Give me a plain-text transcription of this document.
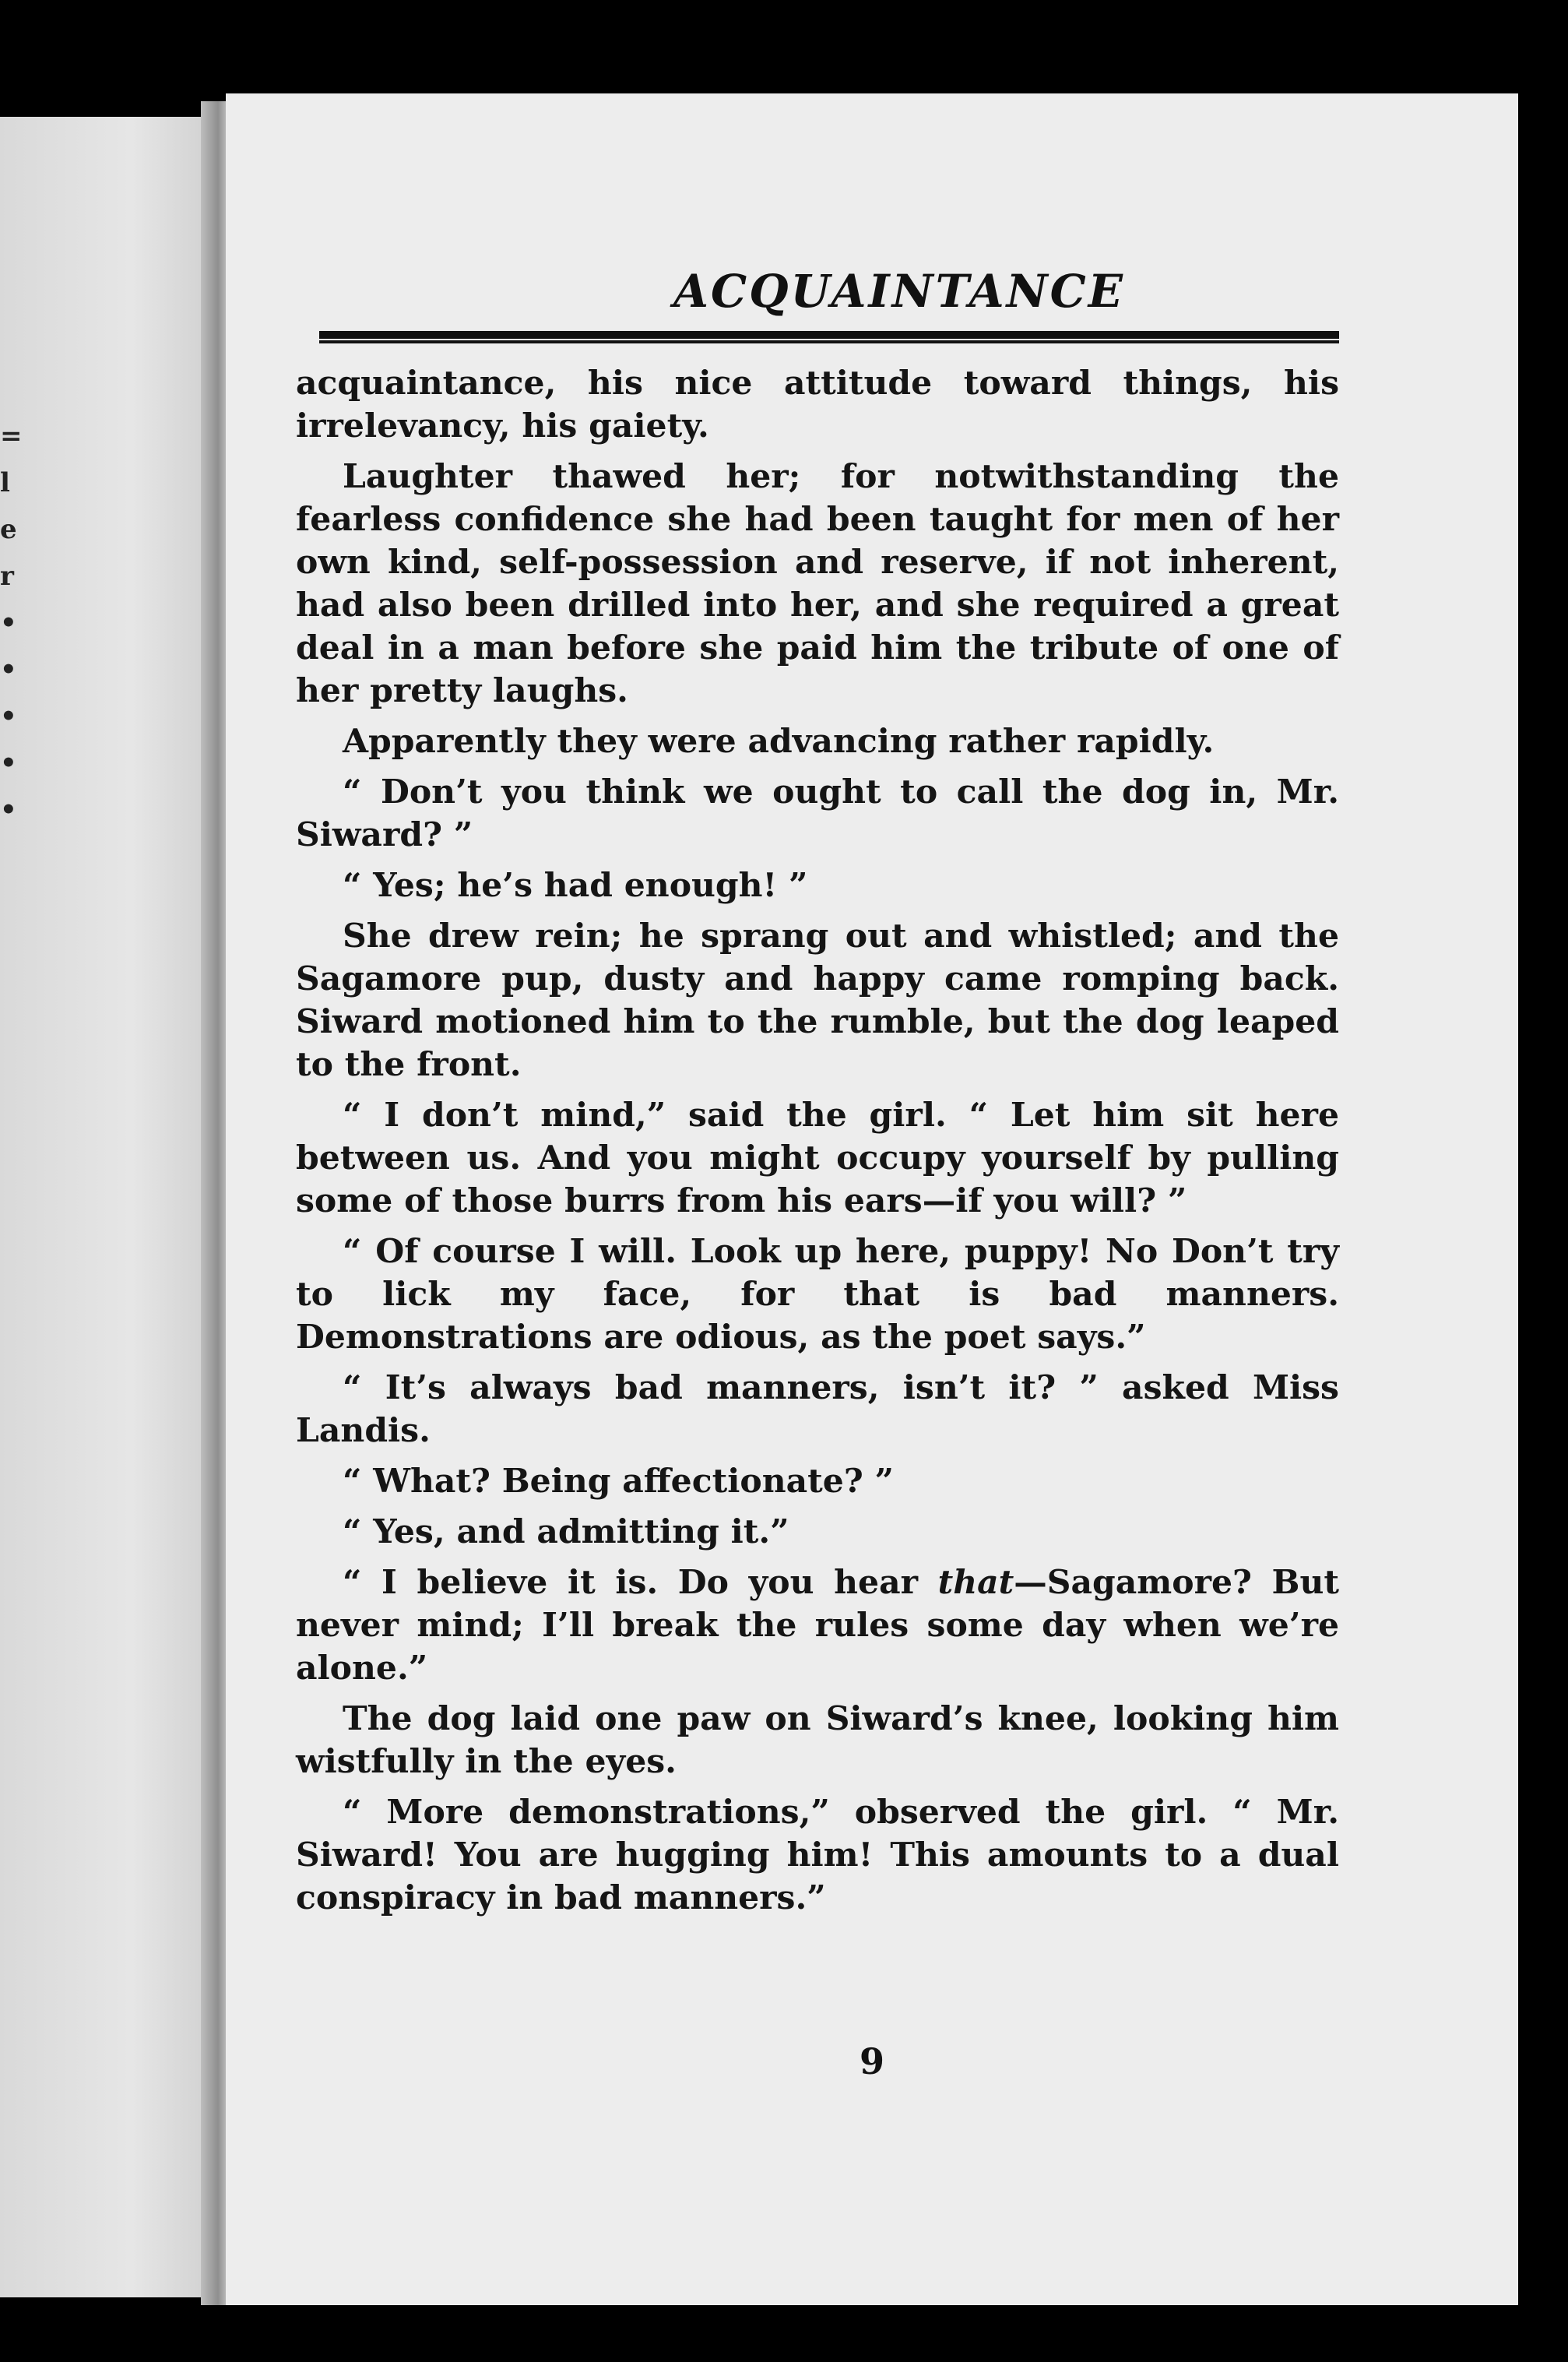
=
l
e
r
•
•
•
•
•
ACQUAINTANCE

acquaintance, his nice attitude toward things, his irrelevancy, his gaiety.

Laughter thawed her; for notwithstanding the fearless confidence she had been taught for men of her own kind, self-possession and reserve, if not inherent, had also been drilled into her, and she required a great deal in a man before she paid him the tribute of one of her pretty laughs.

Apparently they were advancing rather rapidly.

“ Don’t you think we ought to call the dog in, Mr. Siward? ”

“ Yes; he’s had enough! ”

She drew rein; he sprang out and whistled; and the Sagamore pup, dusty and happy came romping back. Siward motioned him to the rumble, but the dog leaped to the front.

“ I don’t mind,” said the girl. “ Let him sit here between us. And you might occupy yourself by pulling some of those burrs from his ears—if you will? ”

“ Of course I will. Look up here, puppy! No Don’t try to lick my face, for that is bad manners. Demonstrations are odious, as the poet says.”

“ It’s always bad manners, isn’t it? ” asked Miss Landis.

“ What? Being affectionate? ”

“ Yes, and admitting it.”

“ I believe it is. Do you hear that—Sagamore? But never mind; I’ll break the rules some day when we’re alone.”

The dog laid one paw on Siward’s knee, looking him wistfully in the eyes.

“ More demonstrations,” observed the girl. “ Mr. Siward! You are hugging him! This amounts to a dual conspiracy in bad manners.”

9
